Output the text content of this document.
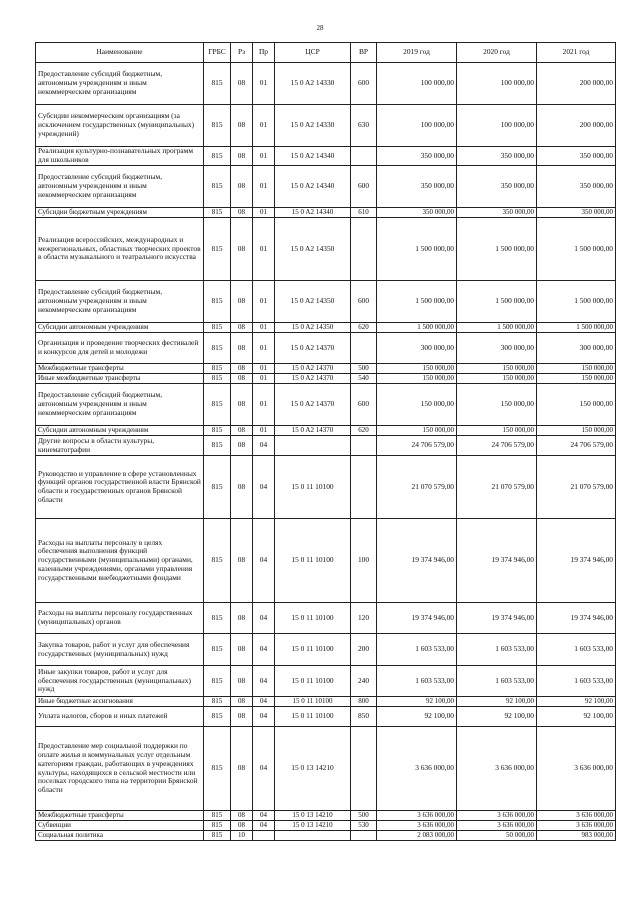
28
Наименование	ГРБС	Рз	Пр	ЦСР	ВР	2019 год	2020 год	2021 год
Предоставление субсидий бюджетным, автономным учреждениям и иным некоммерческим организациям	815	08	01	15 0 A2 14330	600	100 000,00	100 000,00	200 000,00
Субсидии некоммерческим организациям (за исключением государственных (муниципальных) учреждений)	815	08	01	15 0 A2 14330	630	100 000,00	100 000,00	200 000,00
Реализация культурно-познавательных программ для школьников	815	08	01	15 0 A2 14340		350 000,00	350 000,00	350 000,00
Предоставление субсидий бюджетным, автономным учреждениям и иным некоммерческим организациям	815	08	01	15 0 A2 14340	600	350 000,00	350 000,00	350 000,00
Субсидии бюджетным учреждениям	815	08	01	15 0 A2 14340	610	350 000,00	350 000,00	350 000,00
Реализация всероссийских, международных и межрегиональных, областных творческих проектов в области музыкального и театрального искусства	815	08	01	15 0 A2 14350		1 500 000,00	1 500 000,00	1 500 000,00
Предоставление субсидий бюджетным, автономным учреждениям и иным некоммерческим организациям	815	08	01	15 0 A2 14350	600	1 500 000,00	1 500 000,00	1 500 000,00
Субсидии автономным учреждениям	815	08	01	15 0 A2 14350	620	1 500 000,00	1 500 000,00	1 500 000,00
Организация и проведение творческих фестивалей и конкурсов для детей и молодежи	815	08	01	15 0 A2 14370		300 000,00	300 000,00	300 000,00
Межбюджетные трансферты	815	08	01	15 0 A2 14370	500	150 000,00	150 000,00	150 000,00
Иные межбюджетные трансферты	815	08	01	15 0 A2 14370	540	150 000,00	150 000,00	150 000,00
Предоставление субсидий бюджетным, автономным учреждениям и иным некоммерческим организациям	815	08	01	15 0 A2 14370	600	150 000,00	150 000,00	150 000,00
Субсидии автономным учреждениям	815	08	01	15 0 A2 14370	620	150 000,00	150 000,00	150 000,00
Другие вопросы в области культуры, кинематографии	815	08	04			24 706 579,00	24 706 579,00	24 706 579,00
Руководство и управление в сфере установленных функций органов государственной власти Брянской области и государственных органов Брянской области	815	08	04	15 0 11 10100		21 070 579,00	21 070 579,00	21 070 579,00
Расходы на выплаты персоналу в целях обеспечения выполнения функций государственными (муниципальными) органами, казенными учреждениями, органами управления государственными внебюджетными фондами	815	08	04	15 0 11 10100	100	19 374 946,00	19 374 946,00	19 374 946,00
Расходы на выплаты персоналу государственных (муниципальных) органов	815	08	04	15 0 11 10100	120	19 374 946,00	19 374 946,00	19 374 946,00
Закупка товаров, работ и услуг для обеспечения государственных (муниципальных) нужд	815	08	04	15 0 11 10100	200	1 603 533,00	1 603 533,00	1 603 533,00
Иные закупки товаров, работ и услуг для обеспечения государственных (муниципальных) нужд	815	08	04	15 0 11 10100	240	1 603 533,00	1 603 533,00	1 603 533,00
Иные бюджетные ассигнования	815	08	04	15 0 11 10100	800	92 100,00	92 100,00	92 100,00
Уплата налогов, сборов и иных платежей	815	08	04	15 0 11 10100	850	92 100,00	92 100,00	92 100,00
Предоставление мер социальной поддержки по оплате жилья и коммунальных услуг отдельным категориям граждан, работающих в учреждениях культуры, находящихся в сельской местности или поселках городского типа на территории Брянской области	815	08	04	15 0 13 14210		3 636 000,00	3 636 000,00	3 636 000,00
Межбюджетные трансферты	815	08	04	15 0 13 14210	500	3 636 000,00	3 636 000,00	3 636 000,00
Субвенции	815	08	04	15 0 13 14210	530	3 636 000,00	3 636 000,00	3 636 000,00
Социальная политика	815	10				2 083 000,00	50 000,00	983 000,00
